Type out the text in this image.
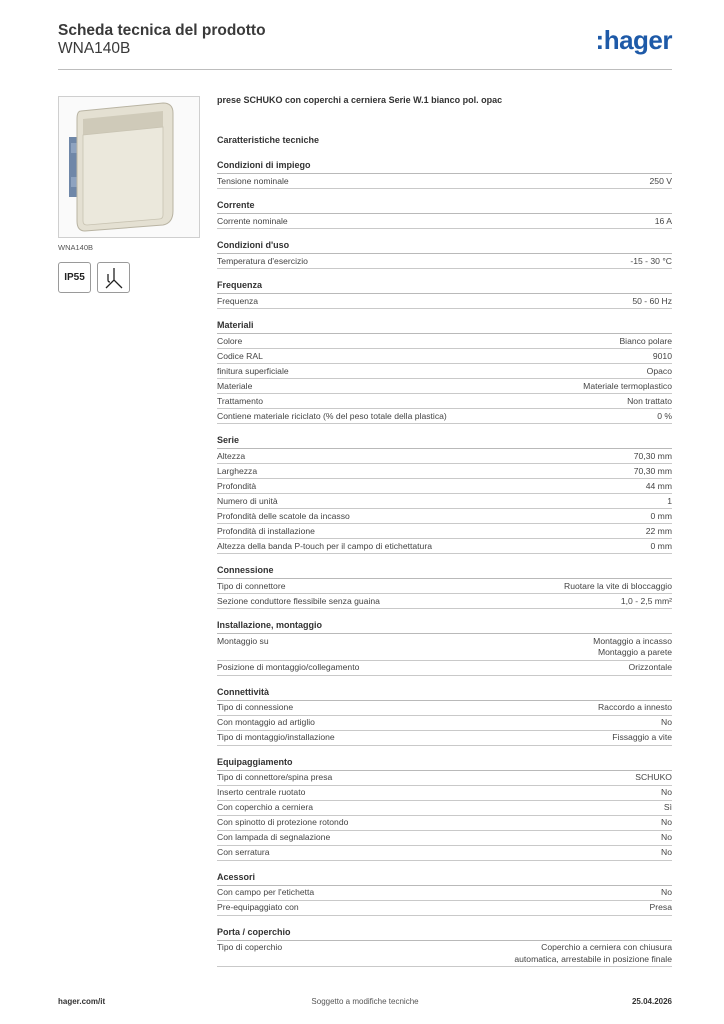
Scheda tecnica del prodotto
WNA140B	:hager
WNA140B
IP55
prese SCHUKO con coperchi a cerniera Serie W.1 bianco pol. opac
Caratteristiche tecniche
Condizioni di impiego
Tensione nominale	250 V
Corrente
Corrente nominale	16 A
Condizioni d'uso
Temperatura d'esercizio	-15 - 30 °C
Frequenza
Frequenza	50 - 60 Hz
Materiali
Colore	Bianco polare
Codice RAL	9010
finitura superficiale	Opaco
Materiale	Materiale termoplastico
Trattamento	Non trattato
Contiene materiale riciclato (% del peso totale della plastica)	0 %
Serie
Altezza	70,30 mm
Larghezza	70,30 mm
Profondità	44 mm
Numero di unità	1
Profondità delle scatole da incasso	0 mm
Profondità di installazione	22 mm
Altezza della banda P-touch per il campo di etichettatura	0 mm
Connessione
Tipo di connettore	Ruotare la vite di bloccaggio
Sezione conduttore flessibile senza guaina	1,0 - 2,5 mm²
Installazione, montaggio
Montaggio su	Montaggio a incasso
Montaggio a parete
Posizione di montaggio/collegamento	Orizzontale
Connettività
Tipo di connessione	Raccordo a innesto
Con montaggio ad artiglio	No
Tipo di montaggio/installazione	Fissaggio a vite
Equipaggiamento
Tipo di connettore/spina presa	SCHUKO
Inserto centrale ruotato	No
Con coperchio a cerniera	Sì
Con spinotto di protezione rotondo	No
Con lampada di segnalazione	No
Con serratura	No
Acessori
Con campo per l'etichetta	No
Pre-equipaggiato con	Presa
Porta / coperchio
Tipo di coperchio	Coperchio a cerniera con chiusura
automatica, arrestabile in posizione finale
hager.com/it	Soggetto a modifiche tecniche	25.04.2026
